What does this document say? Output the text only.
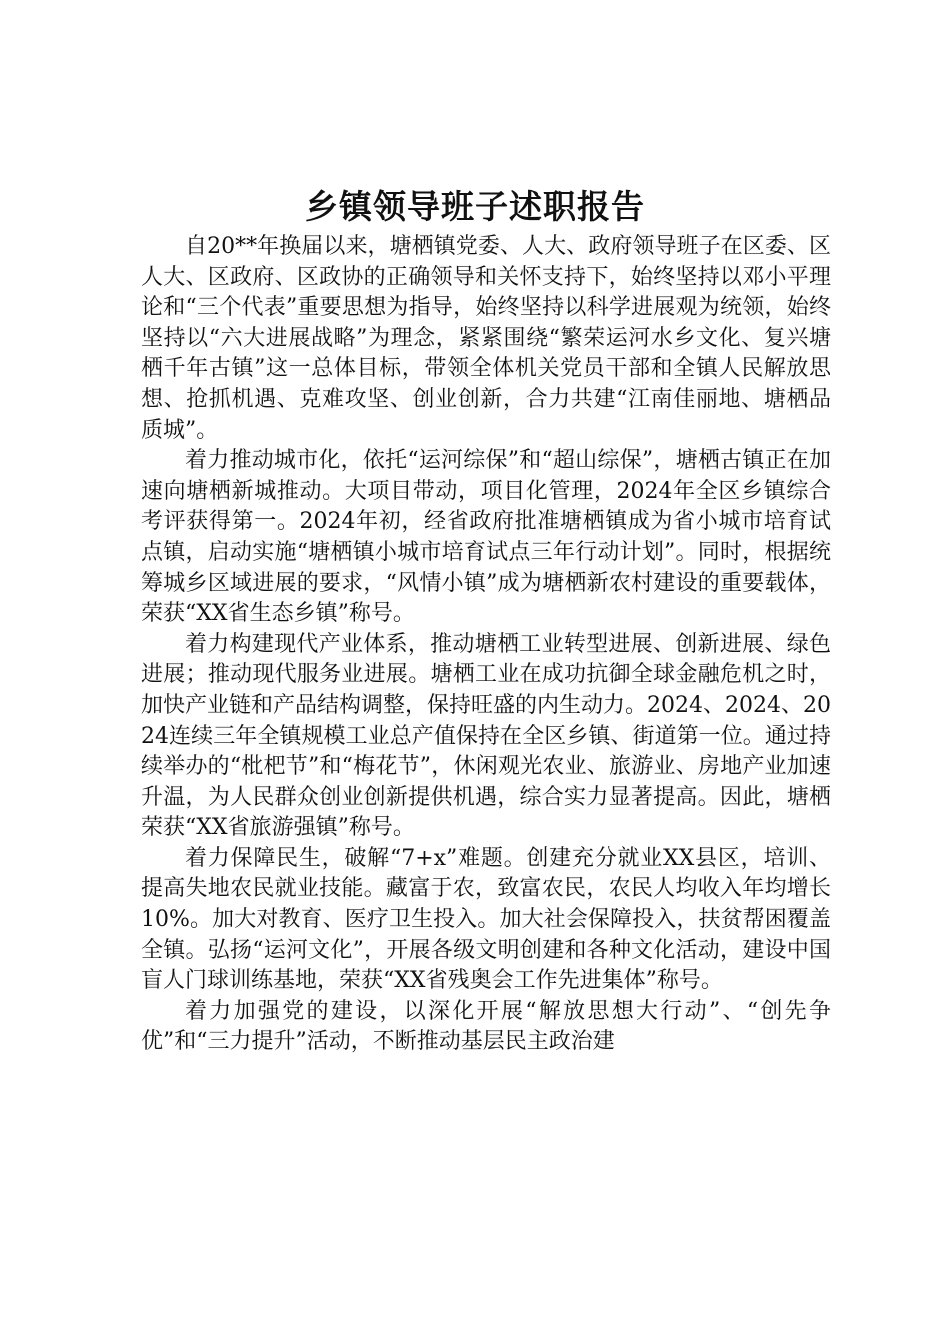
乡镇领导班子述职报告

自20**年换届以来，塘栖镇党委、人大、政府领导班子在区委、区人大、区政府、区政协的正确领导和关怀支持下，始终坚持以邓小平理论和“三个代表”重要思想为指导，始终坚持以科学进展观为统领，始终坚持以“六大进展战略”为理念，紧紧围绕“繁荣运河水乡文化、复兴塘栖千年古镇”这一总体目标，带领全体机关党员干部和全镇人民解放思想、抢抓机遇、克难攻坚、创业创新，合力共建“江南佳丽地、塘栖品质城”。

着力推动城市化，依托“运河综保”和“超山综保”，塘栖古镇正在加速向塘栖新城推动。大项目带动，项目化管理，2024年全区乡镇综合考评获得第一。2024年初，经省政府批准塘栖镇成为省小城市培育试点镇，启动实施“塘栖镇小城市培育试点三年行动计划”。同时，根据统筹城乡区域进展的要求，“风情小镇”成为塘栖新农村建设的重要载体，荣获“XX省生态乡镇”称号。

着力构建现代产业体系，推动塘栖工业转型进展、创新进展、绿色进展；推动现代服务业进展。塘栖工业在成功抗御全球金融危机之时，加快产业链和产品结构调整，保持旺盛的内生动力。2024、2024、2024连续三年全镇规模工业总产值保持在全区乡镇、街道第一位。通过持续举办的“枇杷节”和“梅花节”，休闲观光农业、旅游业、房地产业加速升温，为人民群众创业创新提供机遇，综合实力显著提高。因此，塘栖荣获“XX省旅游强镇”称号。

着力保障民生，破解“7+x”难题。创建充分就业XX县区，培训、提高失地农民就业技能。藏富于农，致富农民，农民人均收入年均增长10%。加大对教育、医疗卫生投入。加大社会保障投入，扶贫帮困覆盖全镇。弘扬“运河文化”，开展各级文明创建和各种文化活动，建设中国盲人门球训练基地，荣获“XX省残奥会工作先进集体”称号。

着力加强党的建设，以深化开展“解放思想大行动”、“创先争优”和“三力提升”活动，不断推动基层民主政治建
